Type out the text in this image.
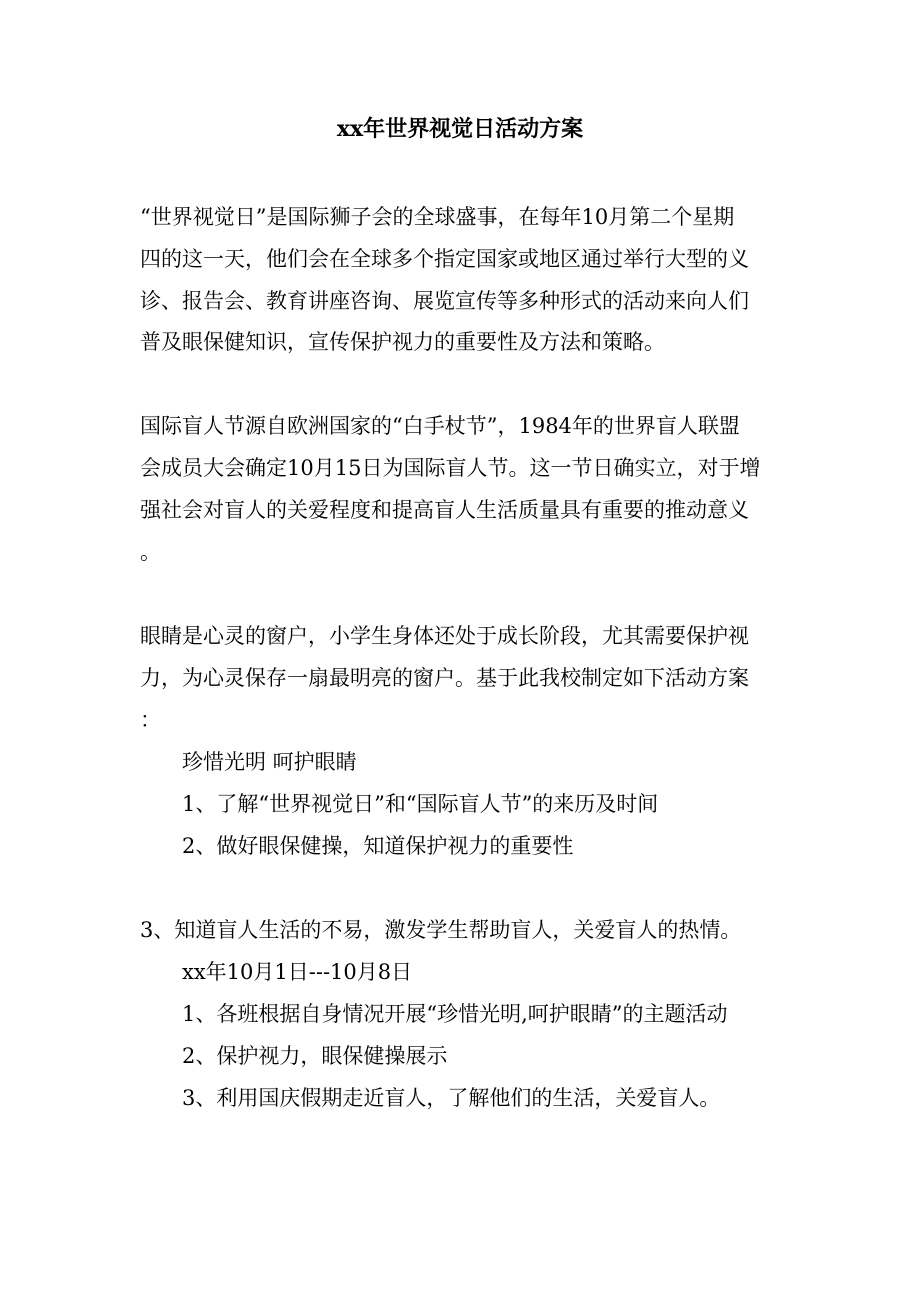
xx年世界视觉日活动方案
“世界视觉日”是国际狮子会的全球盛事，在每年10月第二个星期
四的这一天，他们会在全球多个指定国家或地区通过举行大型的义
诊、报告会、教育讲座咨询、展览宣传等多种形式的活动来向人们
普及眼保健知识，宣传保护视力的重要性及方法和策略。
国际盲人节源自欧洲国家的“白手杖节”，1984年的世界盲人联盟
会成员大会确定10月15日为国际盲人节。这一节日确实立，对于增
强社会对盲人的关爱程度和提高盲人生活质量具有重要的推动意义
。
眼睛是心灵的窗户，小学生身体还处于成长阶段，尤其需要保护视
力，为心灵保存一扇最明亮的窗户。基于此我校制定如下活动方案
：
珍惜光明 呵护眼睛
1、了解“世界视觉日”和“国际盲人节”的来历及时间
2、做好眼保健操，知道保护视力的重要性
3、知道盲人生活的不易，激发学生帮助盲人，关爱盲人的热情。
xx年10月1日---10月8日
1、各班根据自身情况开展“珍惜光明,呵护眼睛”的主题活动
2、保护视力，眼保健操展示
3、利用国庆假期走近盲人，了解他们的生活，关爱盲人。
